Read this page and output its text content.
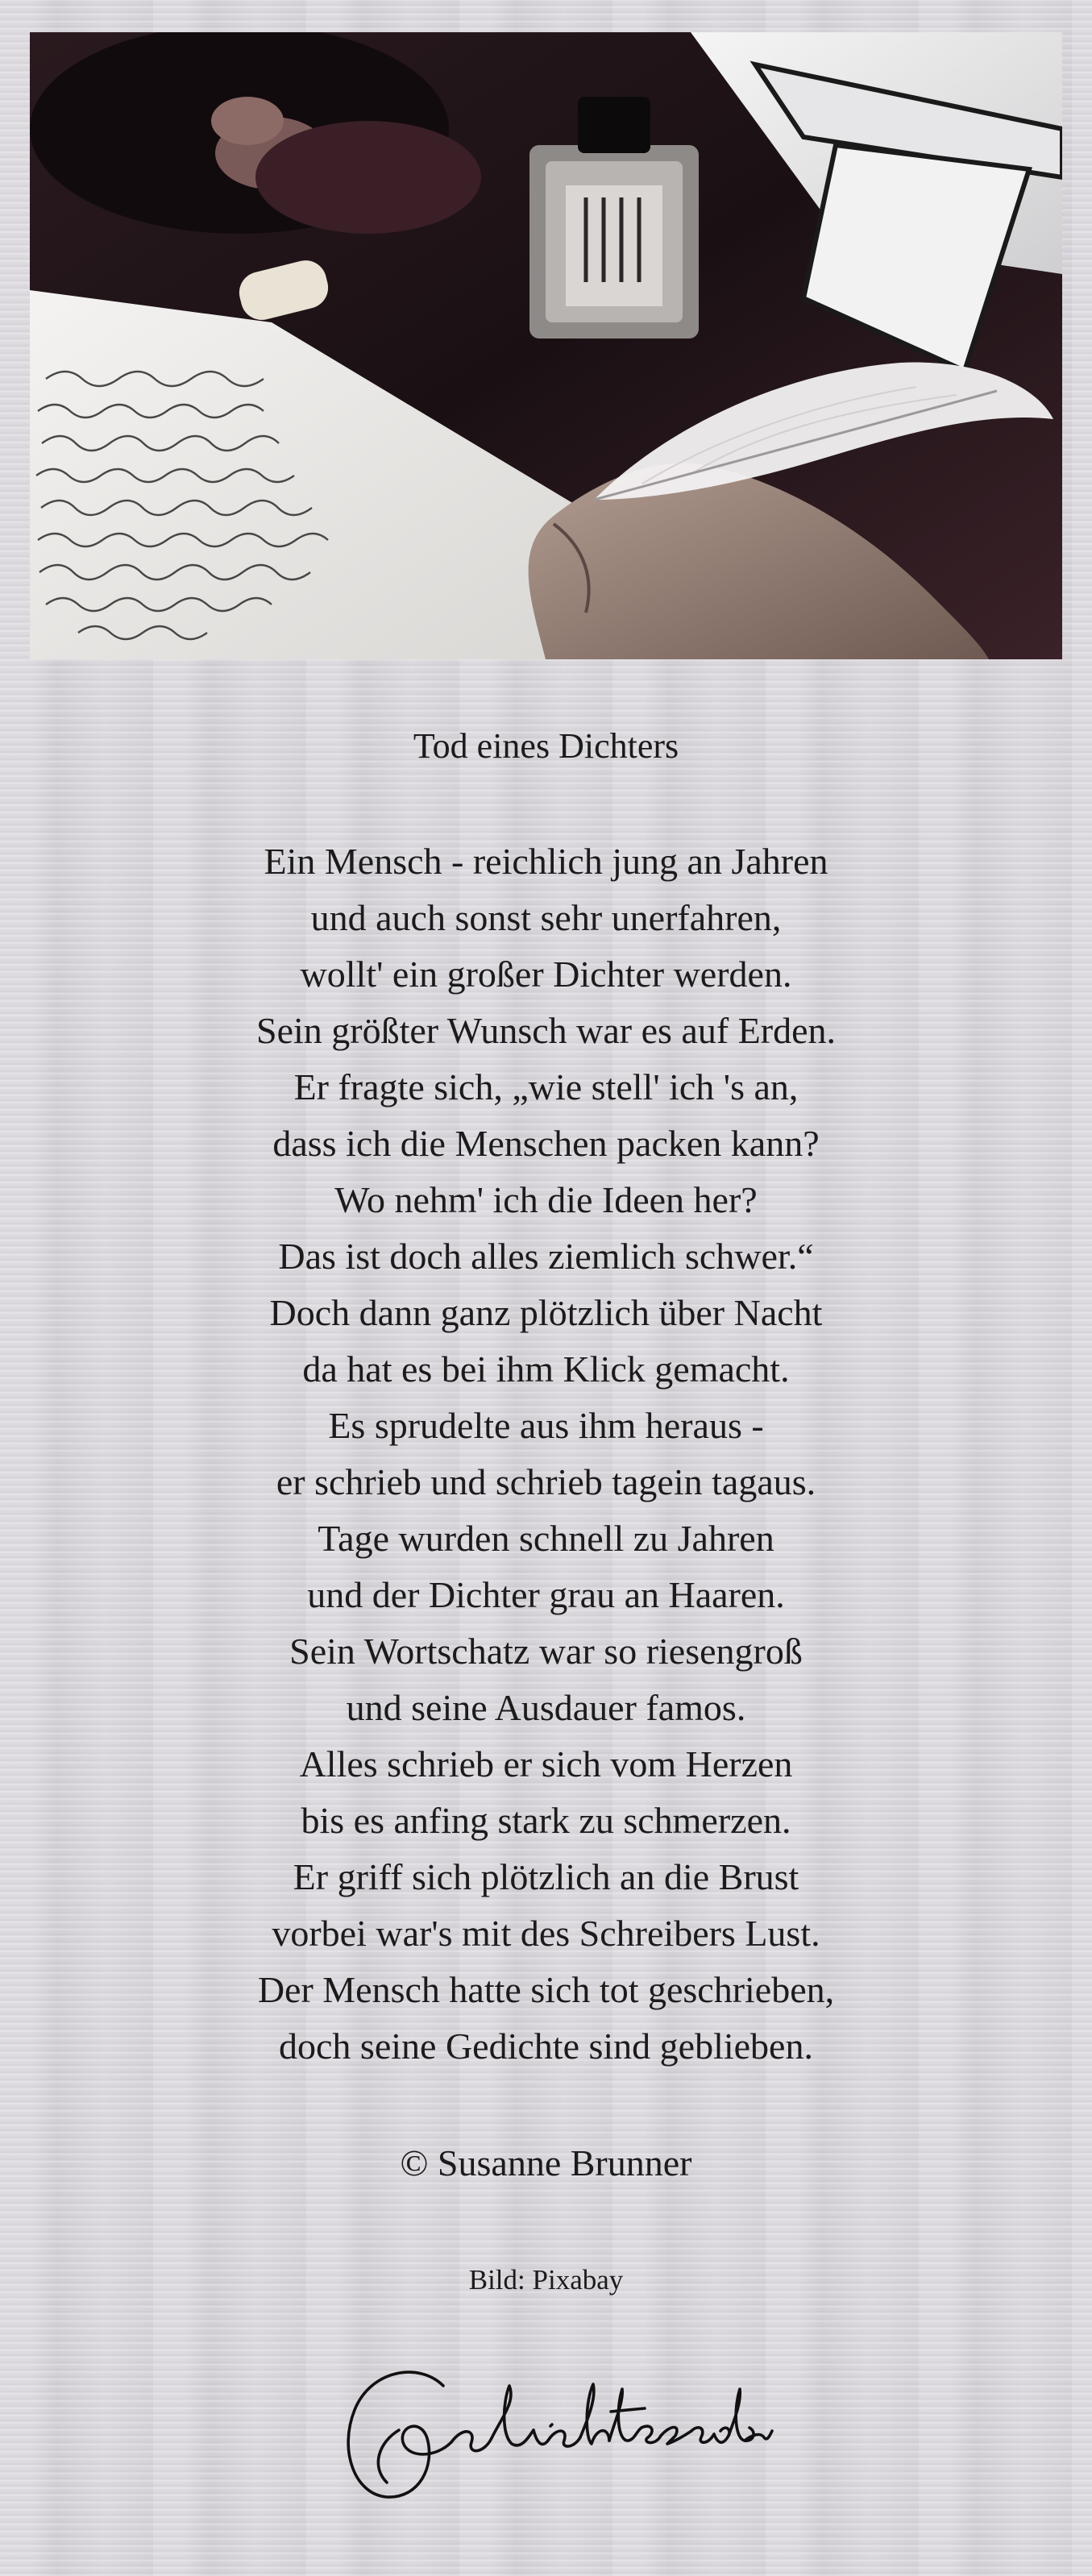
Tod eines Dichters
Ein Mensch - reichlich jung an Jahren
und auch sonst sehr unerfahren,
wollt' ein großer Dichter werden.
Sein größter Wunsch war es auf Erden.
Er fragte sich, „wie stell' ich 's an,
dass ich die Menschen packen kann?
Wo nehm' ich die Ideen her?
Das ist doch alles ziemlich schwer.“
Doch dann ganz plötzlich über Nacht
da hat es bei ihm Klick gemacht.
Es sprudelte aus ihm heraus -
er schrieb und schrieb tagein tagaus.
Tage wurden schnell zu Jahren
und der Dichter grau an Haaren.
Sein Wortschatz war so riesengroß
und seine Ausdauer famos.
Alles schrieb er sich vom Herzen
bis es anfing stark zu schmerzen.
Er griff sich plötzlich an die Brust
vorbei war's mit des Schreibers Lust.
Der Mensch hatte sich tot geschrieben,
doch seine Gedichte sind geblieben.
© Susanne Brunner
Bild: Pixabay
